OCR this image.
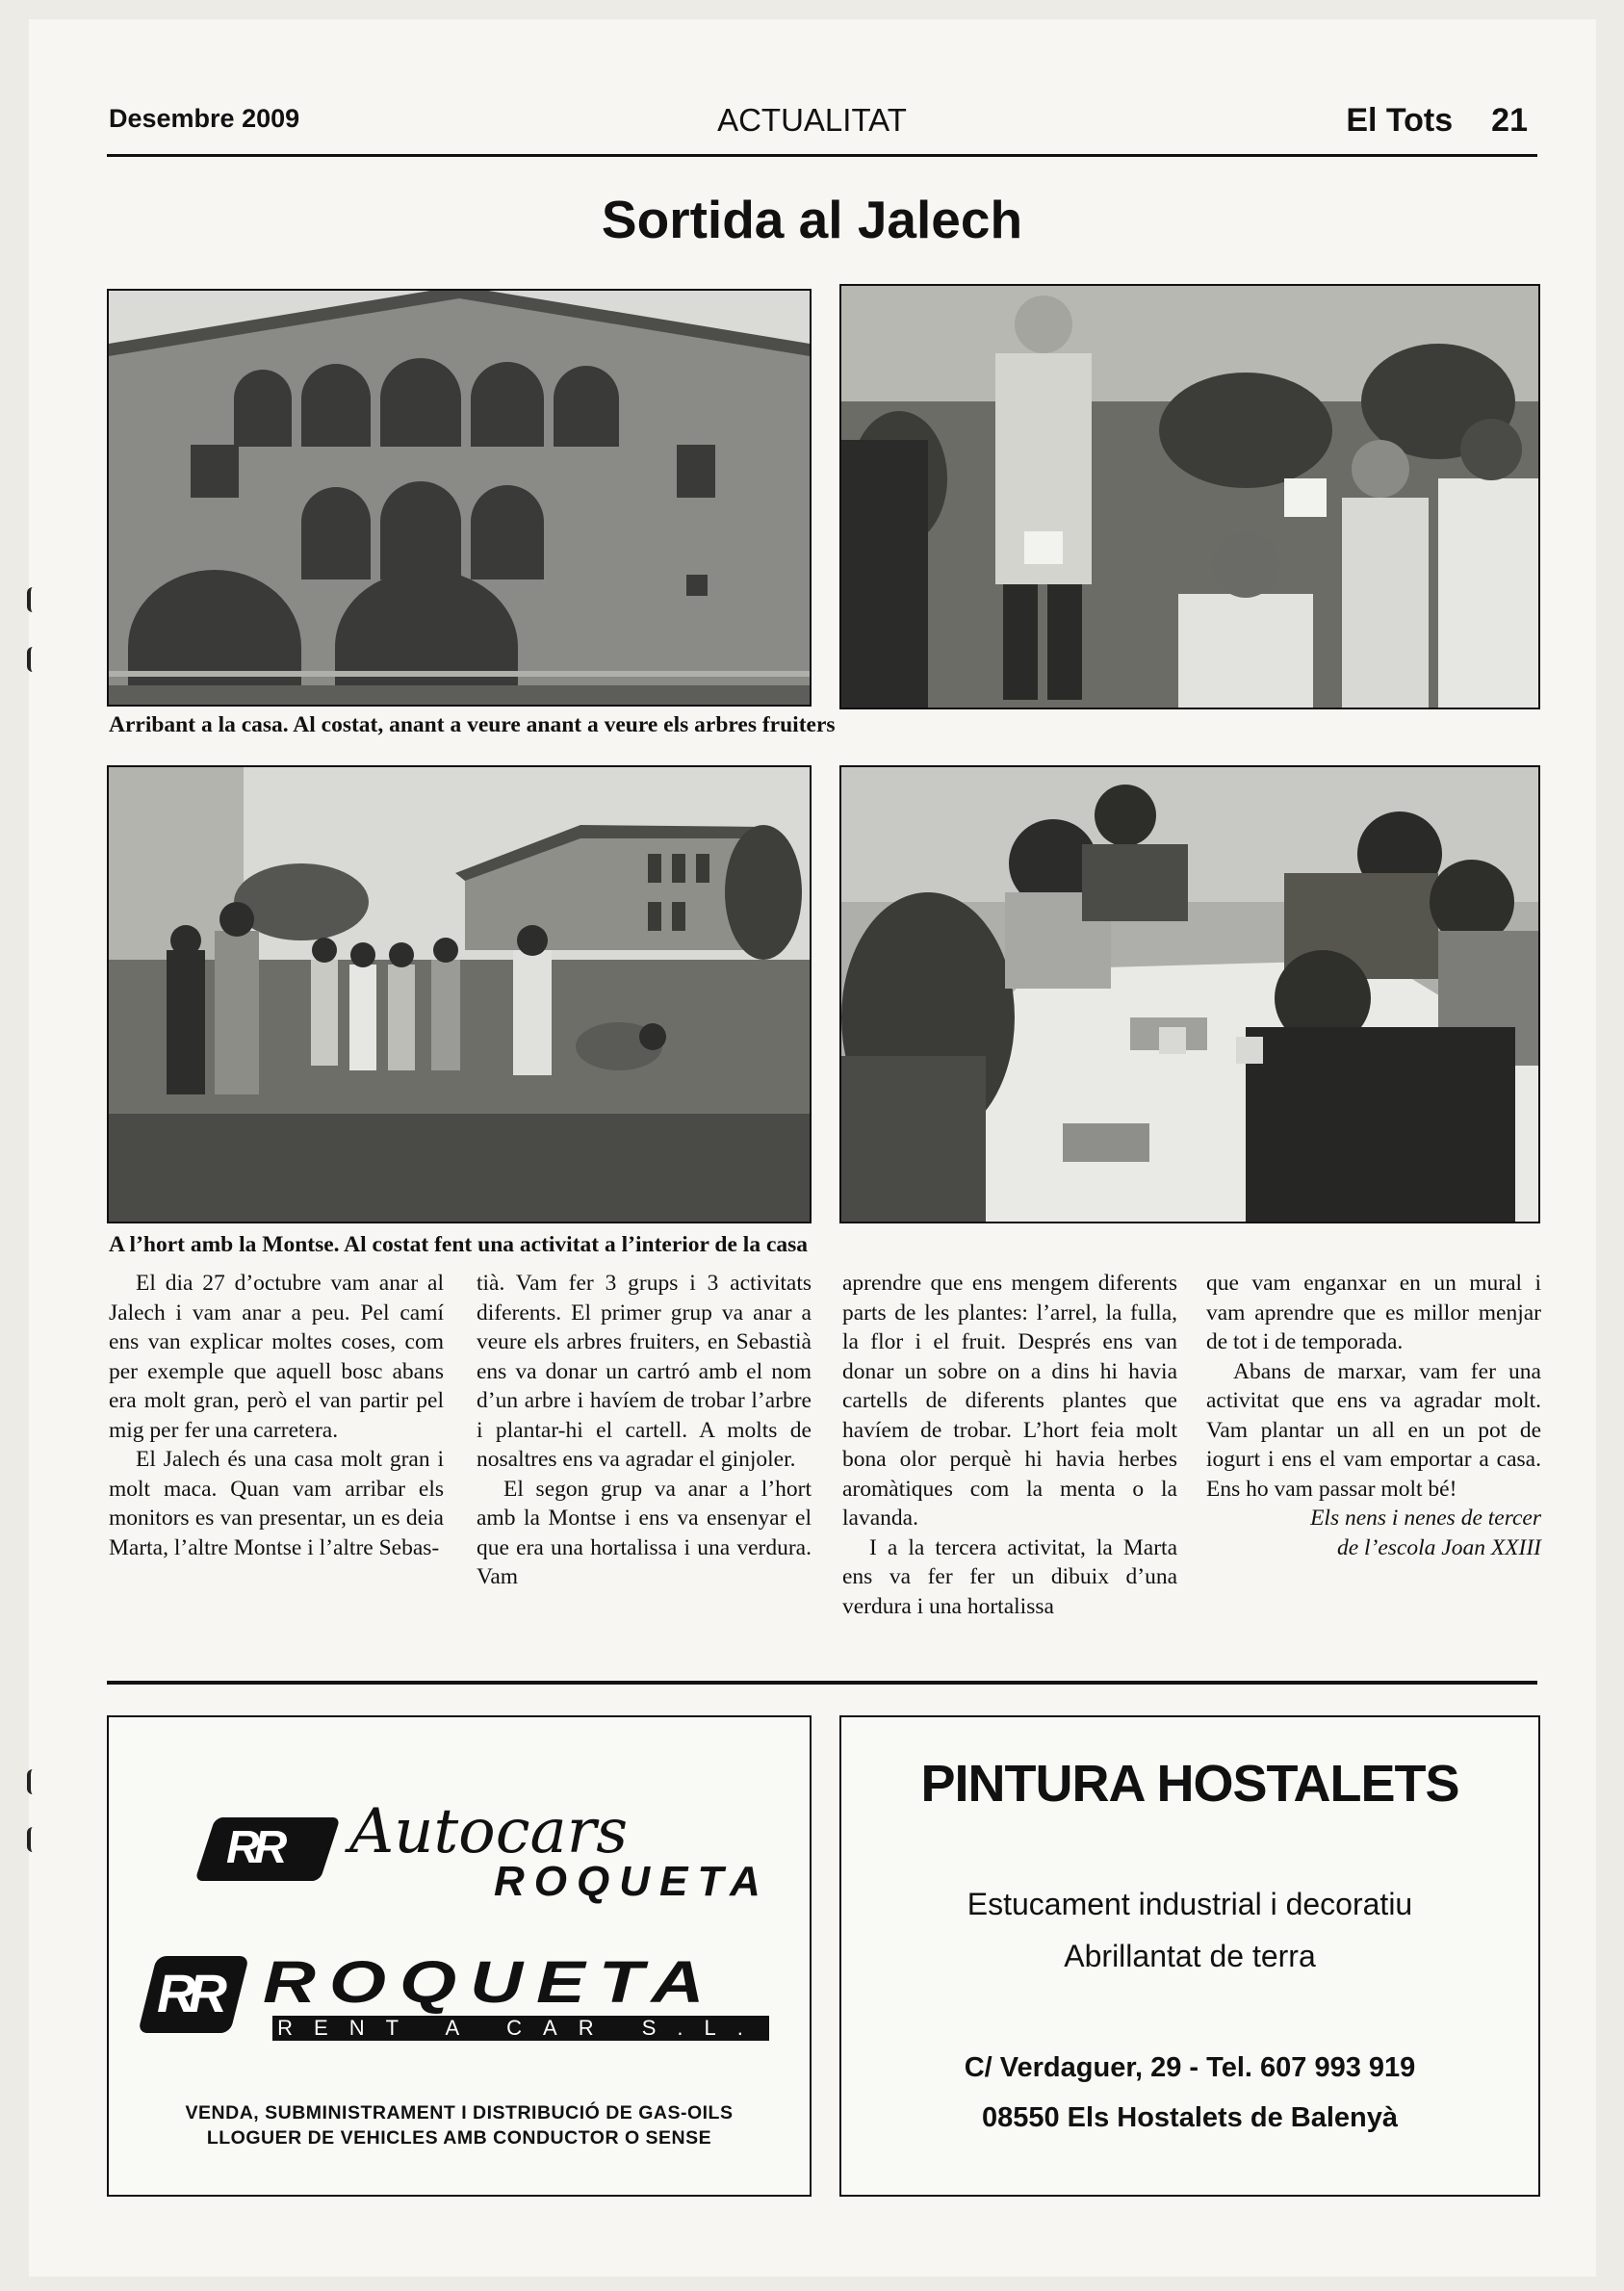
Desembre 2009	ACTUALITAT	El Tots 21
Sortida al Jalech
Arribant a la casa. Al costat, anant a veure anant a veure els arbres fruiters
A l’hort amb la Montse. Al costat fent una activitat a l’interior de la casa

El dia 27 d’octubre vam anar al Jalech i vam anar a peu. Pel camí ens van explicar moltes coses, com per exemple que aquell bosc abans era molt gran, però el van partir pel mig per fer una carretera.

El Jalech és una casa molt gran i molt maca. Quan vam arribar els monitors es van presentar, un es deia Marta, l’altre Montse i l’altre Sebas-

tià. Vam fer 3 grups i 3 activitats diferents. El primer grup va anar a veure els arbres fruiters, en Sebastià ens va donar un cartró amb el nom d’un arbre i havíem de trobar l’arbre i plantar-hi el cartell. A molts de nosaltres ens va agradar el ginjoler.

El segon grup va anar a l’hort amb la Montse i ens va ensenyar el que era una hortalissa i una verdura. Vam

aprendre que ens mengem diferents parts de les plantes: l’arrel, la fulla, la flor i el fruit. Després ens van donar un sobre on a dins hi havia cartells de diferents plantes que havíem de trobar. L’hort feia molt bona olor perquè hi havia herbes aromàtiques com la menta o la lavanda.

I a la tercera activitat, la Marta ens va fer fer un dibuix d’una verdura i una hortalissa

que vam enganxar en un mural i vam aprendre que es millor menjar de tot i de temporada.

Abans de marxar, vam fer una activitat que ens va agradar molt. Vam plantar un all en un pot de iogurt i ens el vam emportar a casa. Ens ho vam passar molt bé!

Els nens i nenes de tercer
de l’escola Joan XXIII

RR Autocars
ROQUETA
RR ROQUETA
RENT A CAR S.L.
VENDA, SUBMINISTRAMENT I DISTRIBUCIÓ DE GAS-OILS
LLOGUER DE VEHICLES AMB CONDUCTOR O SENSE
PINTURA HOSTALETS
Estucament industrial i decoratiu
Abrillantat de terra
C/ Verdaguer, 29 - Tel. 607 993 919
08550 Els Hostalets de Balenyà
